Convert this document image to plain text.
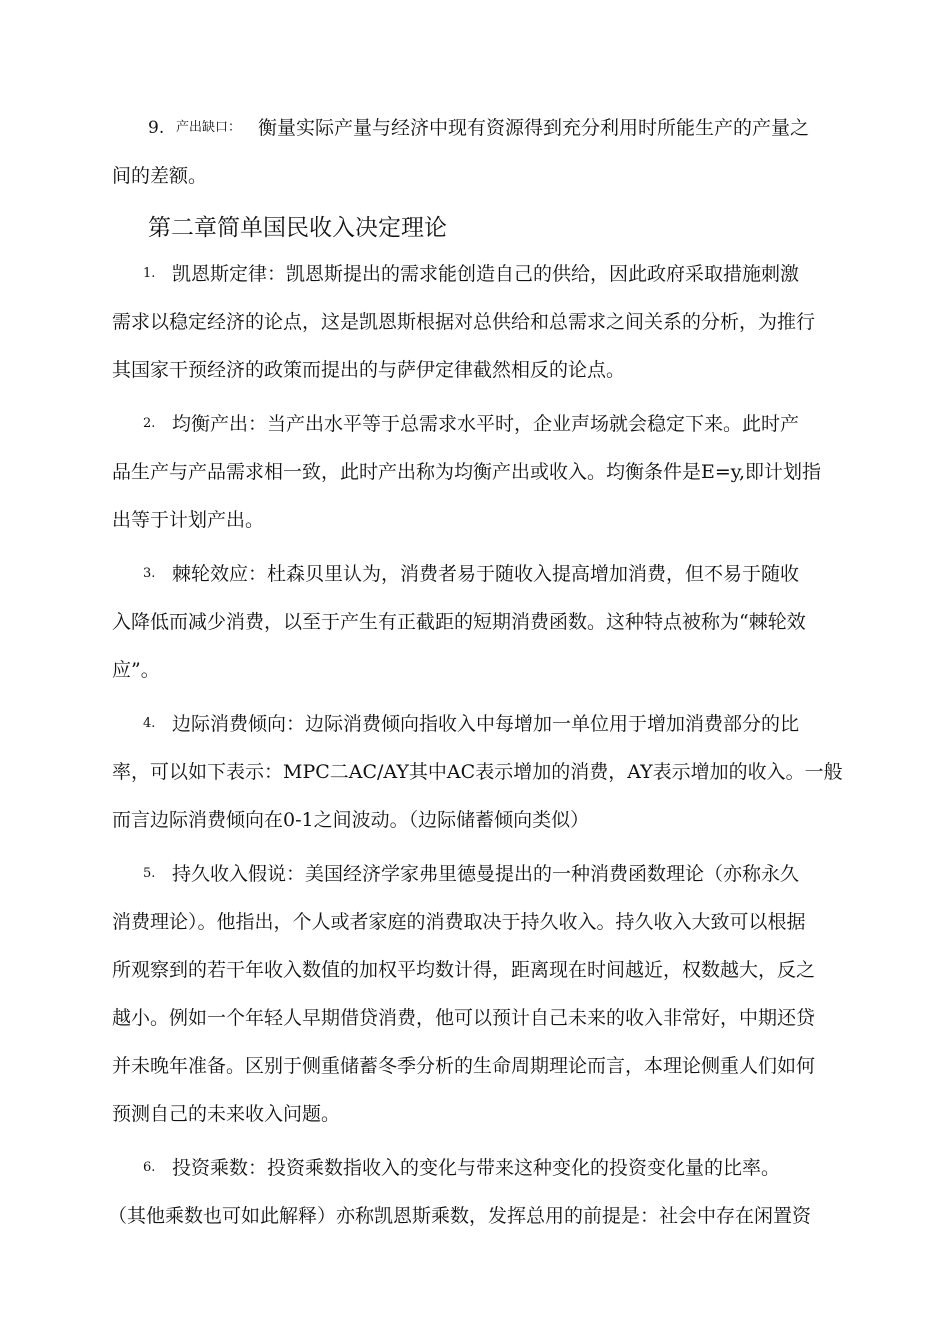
9. 产出缺口： 衡量实际产量与经济中现有资源得到充分利用时所能生产的产量之
间的差额。
第二章简单国民收入决定理论
1. 凯恩斯定律：凯恩斯提出的需求能创造自己的供给，因此政府采取措施刺激
需求以稳定经济的论点，这是凯恩斯根据对总供给和总需求之间关系的分析，为推行
其国家干预经济的政策而提出的与萨伊定律截然相反的论点。
2. 均衡产出：当产出水平等于总需求水平时，企业声场就会稳定下来。此时产
品生产与产品需求相一致，此时产出称为均衡产出或收入。均衡条件是E=y,即计划指
出等于计划产出。
3. 棘轮效应：杜森贝里认为，消费者易于随收入提高增加消费，但不易于随收
入降低而减少消费，以至于产生有正截距的短期消费函数。这种特点被称为“棘轮效
应”。
4. 边际消费倾向：边际消费倾向指收入中每增加一单位用于增加消费部分的比
率，可以如下表示：MPC二AC/AY其中AC表示增加的消费，AY表示增加的收入。一般
而言边际消费倾向在0-1之间波动。（边际储蓄倾向类似）
5. 持久收入假说：美国经济学家弗里德曼提出的一种消费函数理论（亦称永久
消费理论）。他指出，个人或者家庭的消费取决于持久收入。持久收入大致可以根据
所观察到的若干年收入数值的加权平均数计得，距离现在时间越近，权数越大，反之
越小。例如一个年轻人早期借贷消费，他可以预计自己未来的收入非常好，中期还贷
并未晚年准备。区别于侧重储蓄冬季分析的生命周期理论而言，本理论侧重人们如何
预测自己的未来收入问题。
6. 投资乘数：投资乘数指收入的变化与带来这种变化的投资变化量的比率。
（其他乘数也可如此解释）亦称凯恩斯乘数，发挥总用的前提是：社会中存在闲置资
